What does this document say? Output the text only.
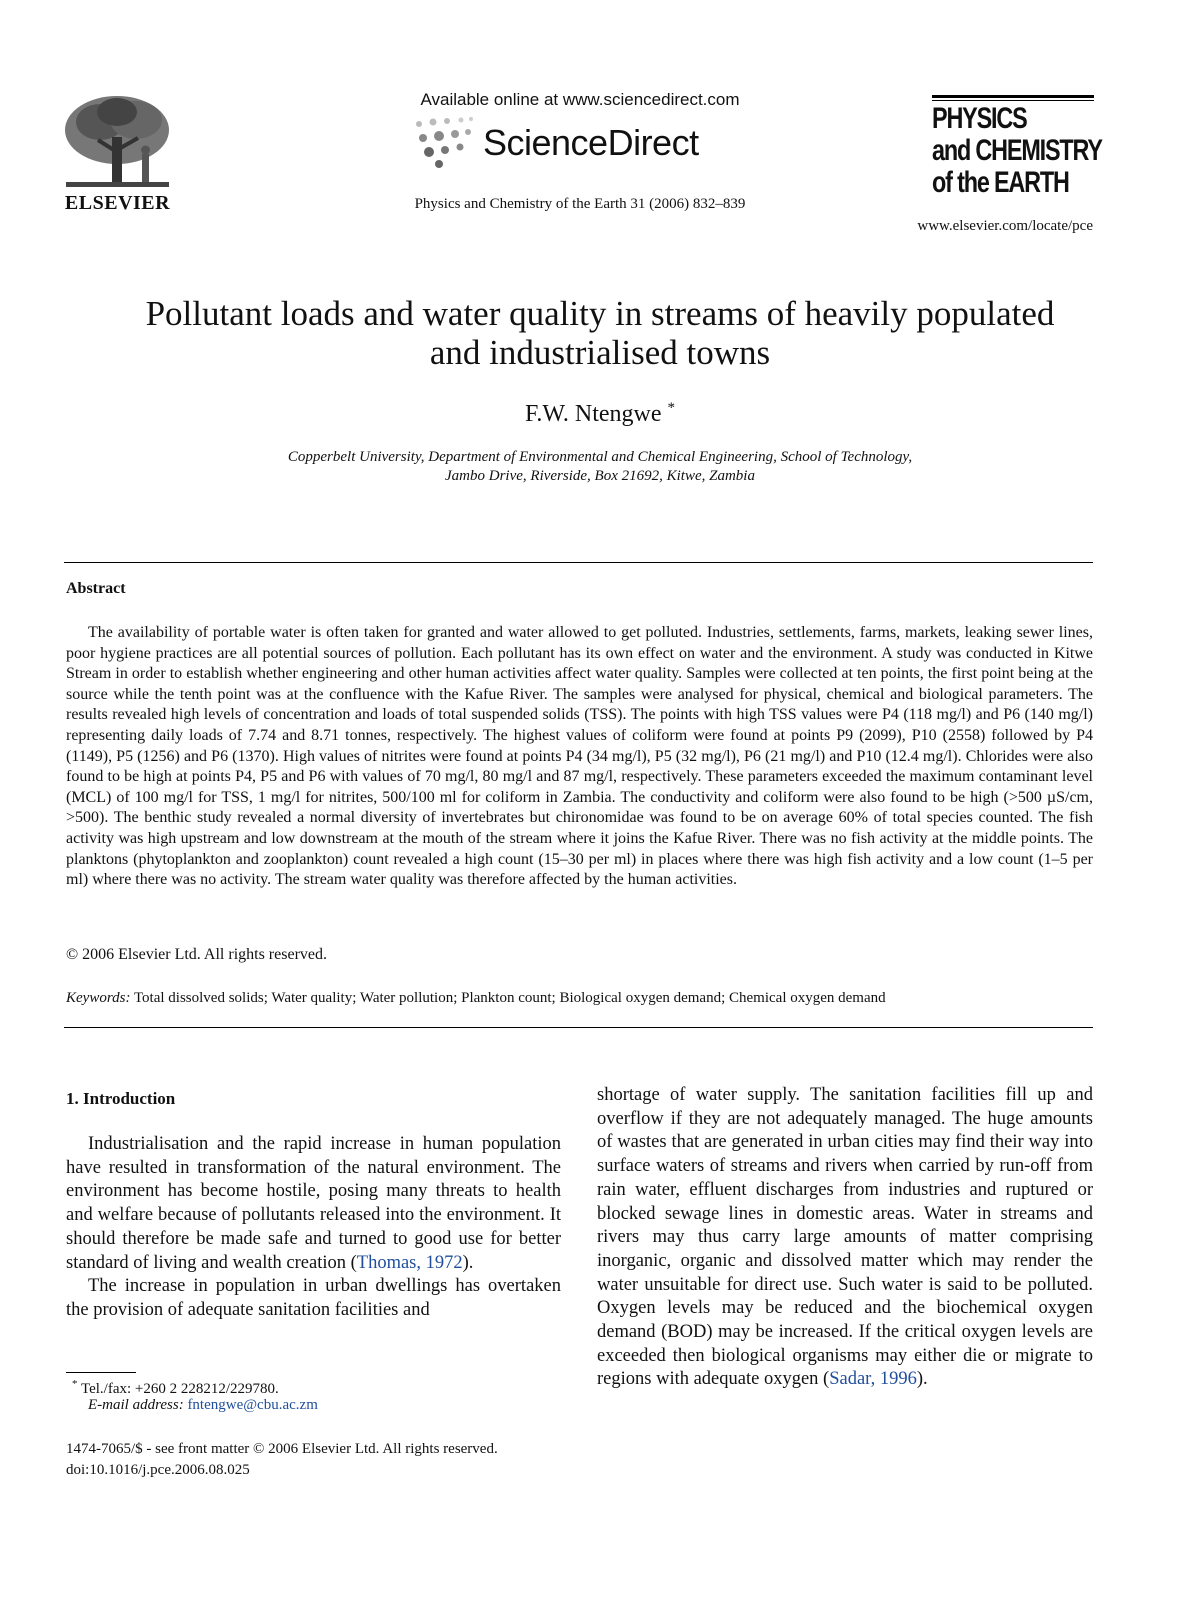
ELSEVIER
Available online at www.sciencedirect.com
ScienceDirect
Physics and Chemistry of the Earth 31 (2006) 832–839
PHYSICS
and CHEMISTRY
of the EARTH
www.elsevier.com/locate/pce
Pollutant loads and water quality in streams of heavily populated
and industrialised towns
F.W. Ntengwe *
Copperbelt University, Department of Environmental and Chemical Engineering, School of Technology,
Jambo Drive, Riverside, Box 21692, Kitwe, Zambia
Abstract

The availability of portable water is often taken for granted and water allowed to get polluted. Industries, settlements, farms, markets, leaking sewer lines, poor hygiene practices are all potential sources of pollution. Each pollutant has its own effect on water and the environment. A study was conducted in Kitwe Stream in order to establish whether engineering and other human activities affect water quality. Samples were collected at ten points, the first point being at the source while the tenth point was at the confluence with the Kafue River. The samples were analysed for physical, chemical and biological parameters. The results revealed high levels of concentration and loads of total suspended solids (TSS). The points with high TSS values were P4 (118 mg/l) and P6 (140 mg/l) representing daily loads of 7.74 and 8.71 tonnes, respectively. The highest values of coliform were found at points P9 (2099), P10 (2558) followed by P4 (1149), P5 (1256) and P6 (1370). High values of nitrites were found at points P4 (34 mg/l), P5 (32 mg/l), P6 (21 mg/l) and P10 (12.4 mg/l). Chlorides were also found to be high at points P4, P5 and P6 with values of 70 mg/l, 80 mg/l and 87 mg/l, respectively. These parameters exceeded the maximum contaminant level (MCL) of 100 mg/l for TSS, 1 mg/l for nitrites, 500/100 ml for coliform in Zambia. The conductivity and coliform were also found to be high (>500 µS/cm, >500). The benthic study revealed a normal diversity of invertebrates but chironomidae was found to be on average 60% of total species counted. The fish activity was high upstream and low downstream at the mouth of the stream where it joins the Kafue River. There was no fish activity at the middle points. The planktons (phytoplankton and zooplankton) count revealed a high count (15–30 per ml) in places where there was high fish activity and a low count (1–5 per ml) where there was no activity. The stream water quality was therefore affected by the human activities.

© 2006 Elsevier Ltd. All rights reserved.
Keywords: Total dissolved solids; Water quality; Water pollution; Plankton count; Biological oxygen demand; Chemical oxygen demand
1. Introduction

Industrialisation and the rapid increase in human population have resulted in transformation of the natural environment. The environment has become hostile, posing many threats to health and welfare because of pollutants released into the environment. It should therefore be made safe and turned to good use for better standard of living and wealth creation (Thomas, 1972).

The increase in population in urban dwellings has overtaken the provision of adequate sanitation facilities and

shortage of water supply. The sanitation facilities fill up and overflow if they are not adequately managed. The huge amounts of wastes that are generated in urban cities may find their way into surface waters of streams and rivers when carried by run-off from rain water, effluent discharges from industries and ruptured or blocked sewage lines in domestic areas. Water in streams and rivers may thus carry large amounts of matter comprising inorganic, organic and dissolved matter which may render the water unsuitable for direct use. Such water is said to be polluted. Oxygen levels may be reduced and the biochemical oxygen demand (BOD) may be increased. If the critical oxygen levels are exceeded then biological organisms may either die or migrate to regions with adequate oxygen (Sadar, 1996).

* Tel./fax: +260 2 228212/229780.
E-mail address: fntengwe@cbu.ac.zm
1474-7065/$ - see front matter © 2006 Elsevier Ltd. All rights reserved.
doi:10.1016/j.pce.2006.08.025
